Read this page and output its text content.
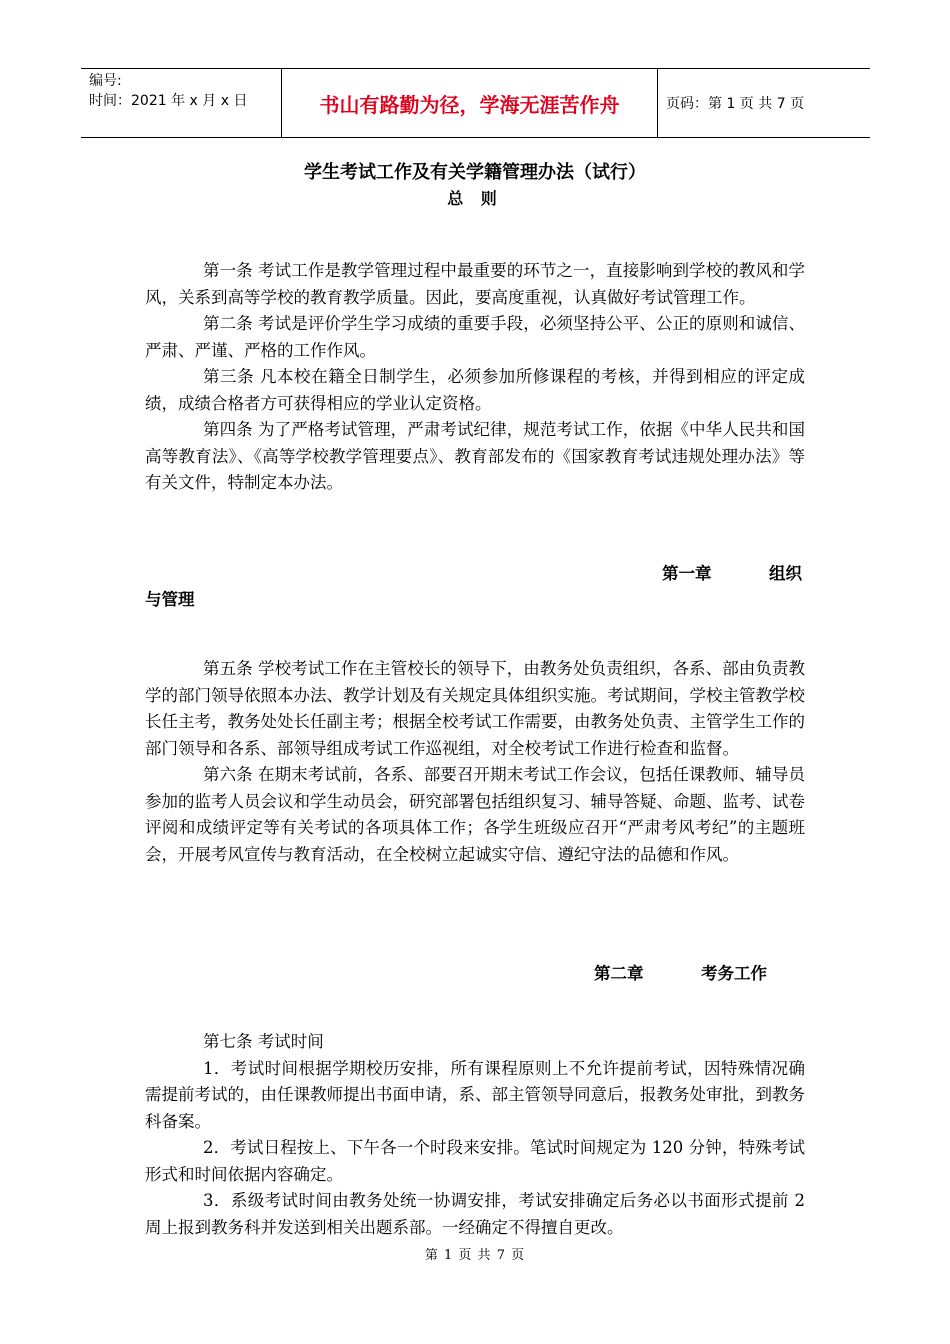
编号:
时间：2021 年 x 月 x 日	书山有路勤为径，学海无涯苦作舟	页码：第 1 页 共 7 页
学生考试工作及有关学籍管理办法（试行）
总 则

第一条 考试工作是教学管理过程中最重要的环节之一，直接影响到学校的教风和学风，关系到高等学校的教育教学质量。因此，要高度重视，认真做好考试管理工作。

第二条 考试是评价学生学习成绩的重要手段，必须坚持公平、公正的原则和诚信、严肃、严谨、严格的工作作风。

第三条 凡本校在籍全日制学生，必须参加所修课程的考核，并得到相应的评定成绩，成绩合格者方可获得相应的学业认定资格。

第四条 为了严格考试管理，严肃考试纪律，规范考试工作，依据《中华人民共和国高等教育法》、《高等学校教学管理要点》、教育部发布的《国家教育考试违规处理办法》等有关文件，特制定本办法。

第一章          组织
与管理

第五条 学校考试工作在主管校长的领导下，由教务处负责组织，各系、部由负责教学的部门领导依照本办法、教学计划及有关规定具体组织实施。考试期间，学校主管教学校长任主考，教务处处长任副主考；根据全校考试工作需要，由教务处负责、主管学生工作的部门领导和各系、部领导组成考试工作巡视组，对全校考试工作进行检查和监督。

第六条 在期末考试前，各系、部要召开期末考试工作会议，包括任课教师、辅导员参加的监考人员会议和学生动员会，研究部署包括组织复习、辅导答疑、命题、监考、试卷评阅和成绩评定等有关考试的各项具体工作；各学生班级应召开“严肃考风考纪”的主题班会，开展考风宣传与教育活动，在全校树立起诚实守信、遵纪守法的品德和作风。

第二章          考务工作

第七条 考试时间

1．考试时间根据学期校历安排，所有课程原则上不允许提前考试，因特殊情况确需提前考试的，由任课教师提出书面申请，系、部主管领导同意后，报教务处审批，到教务科备案。

2．考试日程按上、下午各一个时段来安排。笔试时间规定为 120 分钟，特殊考试形式和时间依据内容确定。

3．系级考试时间由教务处统一协调安排，考试安排确定后务必以书面形式提前 2 周上报到教务科并发送到相关出题系部。一经确定不得擅自更改。

第 1 页 共 7 页
